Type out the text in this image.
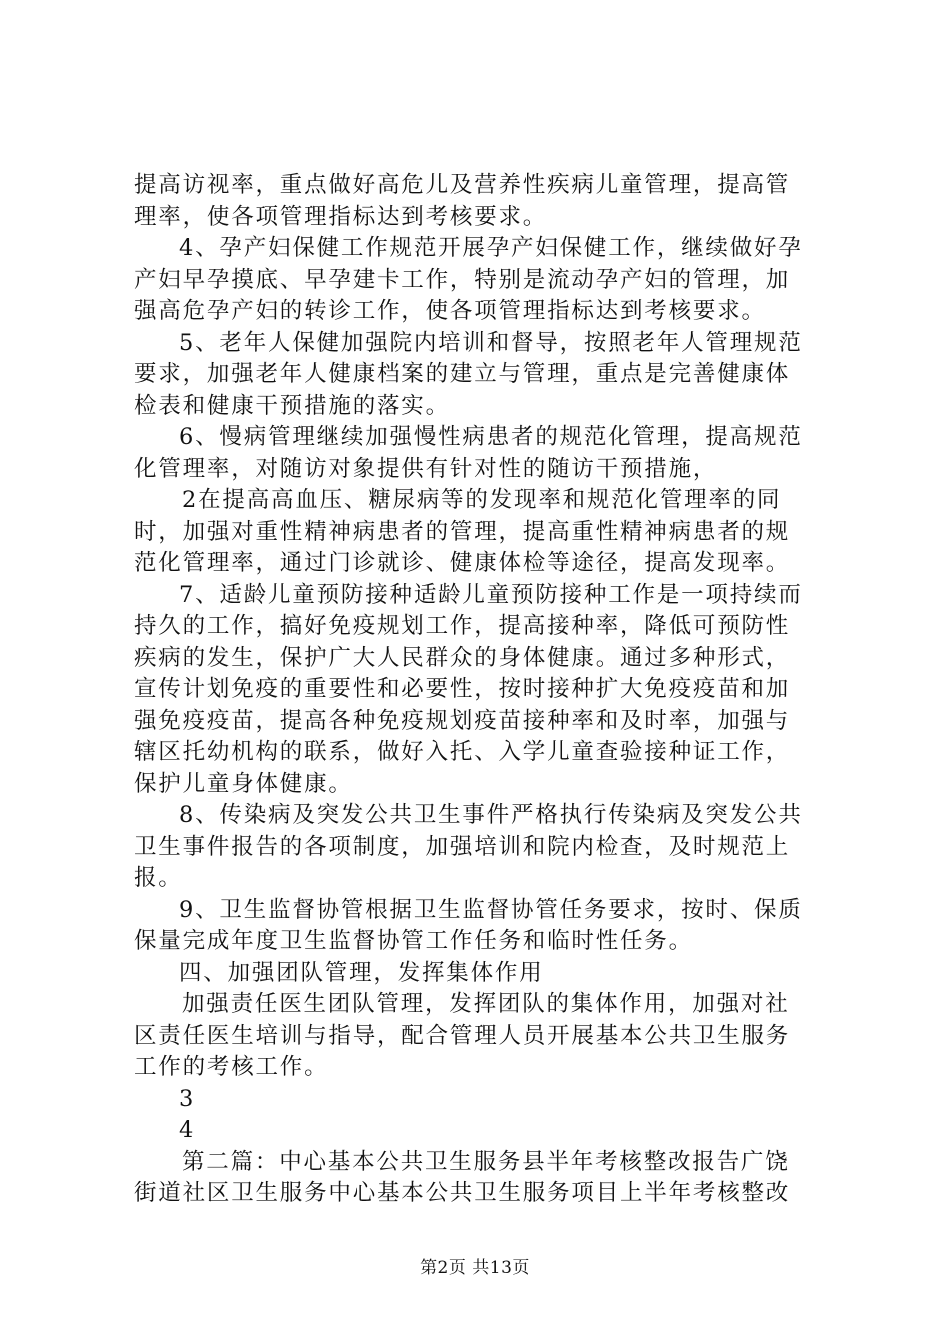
提高访视率，重点做好高危儿及营养性疾病儿童管理，提高管
理率，使各项管理指标达到考核要求。
4、孕产妇保健工作规范开展孕产妇保健工作，继续做好孕
产妇早孕摸底、早孕建卡工作，特别是流动孕产妇的管理，加
强高危孕产妇的转诊工作，使各项管理指标达到考核要求。
5、老年人保健加强院内培训和督导，按照老年人管理规范
要求，加强老年人健康档案的建立与管理，重点是完善健康体
检表和健康干预措施的落实。
6、慢病管理继续加强慢性病患者的规范化管理，提高规范
化管理率，对随访对象提供有针对性的随访干预措施，
2在提高高血压、糖尿病等的发现率和规范化管理率的同
时，加强对重性精神病患者的管理，提高重性精神病患者的规
范化管理率，通过门诊就诊、健康体检等途径，提高发现率。
7、适龄儿童预防接种适龄儿童预防接种工作是一项持续而
持久的工作，搞好免疫规划工作，提高接种率，降低可预防性
疾病的发生，保护广大人民群众的身体健康。通过多种形式，
宣传计划免疫的重要性和必要性，按时接种扩大免疫疫苗和加
强免疫疫苗，提高各种免疫规划疫苗接种率和及时率，加强与
辖区托幼机构的联系，做好入托、入学儿童查验接种证工作，
保护儿童身体健康。
8、传染病及突发公共卫生事件严格执行传染病及突发公共
卫生事件报告的各项制度，加强培训和院内检查，及时规范上
报。
9、卫生监督协管根据卫生监督协管任务要求，按时、保质
保量完成年度卫生监督协管工作任务和临时性任务。
四、加强团队管理，发挥集体作用
加强责任医生团队管理，发挥团队的集体作用，加强对社
区责任医生培训与指导，配合管理人员开展基本公共卫生服务
工作的考核工作。
3
4
第二篇：中心基本公共卫生服务县半年考核整改报告广饶
街道社区卫生服务中心基本公共卫生服务项目上半年考核整改
第2页 共13页
